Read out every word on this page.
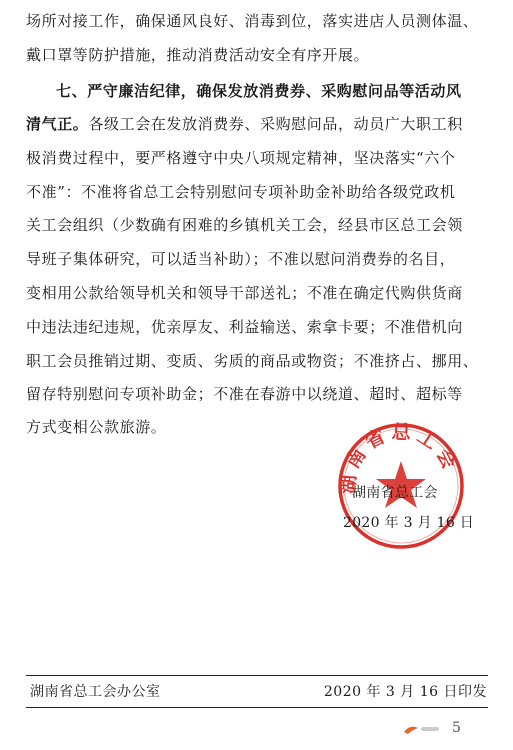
场所对接工作，确保通风良好、消毒到位，落实进店人员测体温、
戴口罩等防护措施，推动消费活动安全有序开展。
七、严守廉洁纪律，确保发放消费券、采购慰问品等活动风
清气正。各级工会在发放消费券、采购慰问品，动员广大职工积
极消费过程中，要严格遵守中央八项规定精神，坚决落实“六个
不准”：不准将省总工会特别慰问专项补助金补助给各级党政机
关工会组织（少数确有困难的乡镇机关工会，经县市区总工会领
导班子集体研究，可以适当补助）；不准以慰问消费券的名目，
变相用公款给领导机关和领导干部送礼；不准在确定代购供货商
中违法违纪违规，优亲厚友、利益输送、索拿卡要；不准借机向
职工会员推销过期、变质、劣质的商品或物资；不准挤占、挪用、
留存特别慰问专项补助金；不准在春游中以绕道、超时、超标等
方式变相公款旅游。
湖南省总工会
湖南省总工会
2020 年 3 月 16 日
湖南省总工会办公室	2020 年 3 月 16 日印发
5
